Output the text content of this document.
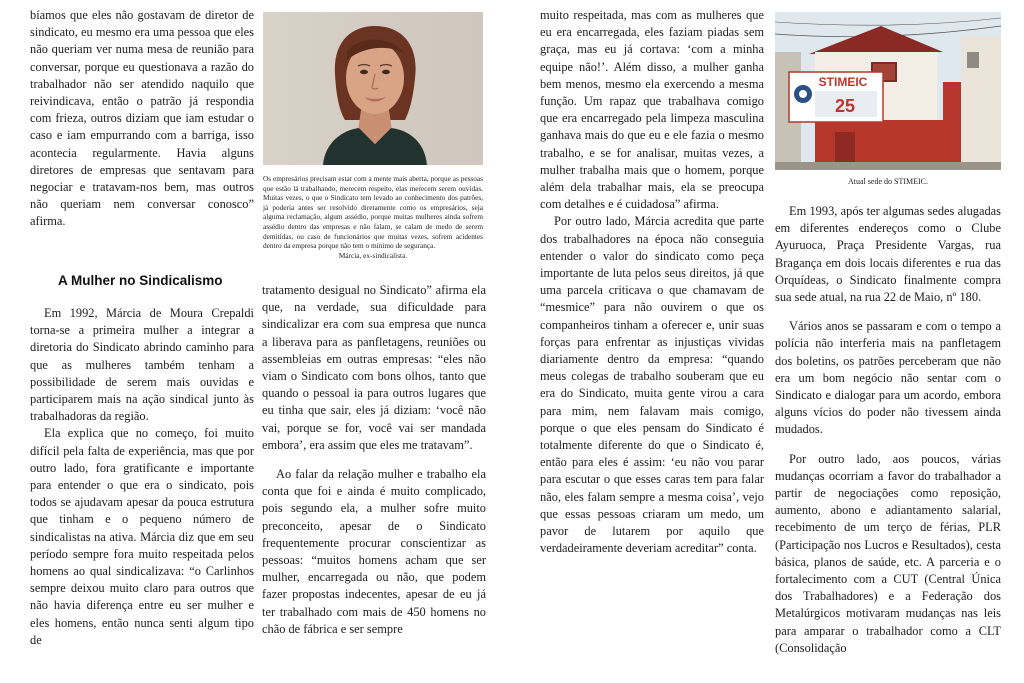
bíamos que eles não gostavam de diretor de sindicato, eu mesmo era uma pessoa que eles não queriam ver numa mesa de reunião para conversar, porque eu questionava a razão do trabalhador não ser atendido naquilo que reivindicava, então o patrão já respondia com frieza, outros diziam que iam estudar o caso e iam empurrando com a barriga, isso acontecia regularmente. Havia alguns diretores de empresas que sentavam para negociar e tratavam-nos bem, mas outros não queriam nem conversar conosco” afirma.

A Mulher no Sindicalismo

Em 1992, Márcia de Moura Crepaldi torna-se a primeira mulher a integrar a diretoria do Sindicato abrindo caminho para que as mulheres também tenham a possibilidade de serem mais ouvidas e participarem mais na ação sindical junto às trabalhadoras da região.

Ela explica que no começo, foi muito difícil pela falta de experiência, mas que por outro lado, fora gratificante e importante para entender o que era o sindicato, pois todos se ajudavam apesar da pouca estrutura que tinham e o pequeno número de sindicalistas na ativa. Márcia diz que em seu período sempre fora muito respeitada pelos homens ao qual sindicalizava: “o Carlinhos sempre deixou muito claro para outros que não havia diferença entre eu ser mulher e eles homens, então nunca senti algum tipo de

Os empresários precisam estar com a mente mais aberta, porque as pessoas que estão lá trabalhando, merecem respeito, elas merecem serem ouvidas. Muitas vezes, o que o Sindicato tem levado ao conhecimento dos patrões, já poderia antes ser resolvido diretamente como os empresários, seja alguma reclamação, algum assédio, porque muitas mulheres ainda sofrem assédio dentro das empresas e não falam, se calam de medo de serem demitidas, ou caso de funcionários que muitas vezes, sofrem acidentes dentro da empresa porque não tem o mínimo de segurança.
Márcia, ex-sindicalista.

tratamento desigual no Sindicato” afirma ela que, na verdade, sua dificuldade para sindicalizar era com sua empresa que nunca a liberava para as panfletagens, reuniões ou assembleias em outras empresas: “eles não viam o Sindicato com bons olhos, tanto que quando o pessoal ia para outros lugares que eu tinha que sair, eles já diziam: ‘você não vai, porque se for, você vai ser mandada embora’, era assim que eles me tratavam”.

Ao falar da relação mulher e trabalho ela conta que foi e ainda é muito complicado, pois segundo ela, a mulher sofre muito preconceito, apesar de o Sindicato frequentemente procurar conscientizar as pessoas: “muitos homens acham que ser mulher, encarregada ou não, que podem fazer propostas indecentes, apesar de eu já ter trabalhado com mais de 450 homens no chão de fábrica e ser sempre

muito respeitada, mas com as mulheres que eu era encarregada, eles faziam piadas sem graça, mas eu já cortava: ‘com a minha equipe não!’. Além disso, a mulher ganha bem menos, mesmo ela exercendo a mesma função. Um rapaz que trabalhava comigo que era encarregado pela limpeza masculina ganhava mais do que eu e ele fazia o mesmo trabalho, e se for analisar, muitas vezes, a mulher trabalha mais que o homem, porque além dela trabalhar mais, ela se preocupa com detalhes e é cuidadosa” afirma.

Por outro lado, Márcia acredita que parte dos trabalhadores na época não conseguia entender o valor do sindicato como peça importante de luta pelos seus direitos, já que uma parcela criticava o que chamavam de “mesmice” para não ouvirem o que os companheiros tinham a oferecer e, unir suas forças para enfrentar as injustiças vividas diariamente dentro da empresa: “quando meus colegas de trabalho souberam que eu era do Sindicato, muita gente virou a cara para mim, nem falavam mais comigo, porque o que eles pensam do Sindicato é totalmente diferente do que o Sindicato é, então para eles é assim: ‘eu não vou parar para escutar o que esses caras tem para falar não, eles falam sempre a mesma coisa’, vejo que essas pessoas criaram um medo, um pavor de lutarem por aquilo que verdadeiramente deveriam acreditar” conta.

STIMEIC
25
Atual sede do STIMEIC.

Em 1993, após ter algumas sedes alugadas em diferentes endereços como o Clube Ayuruoca, Praça Presidente Vargas, rua Bragança em dois locais diferentes e rua das Orquídeas, o Sindicato finalmente compra sua sede atual, na rua 22 de Maio, nº 180.

Vários anos se passaram e com o tempo a polícia não interferia mais na panfletagem dos boletins, os patrões perceberam que não era um bom negócio não sentar com o Sindicato e dialogar para um acordo, embora alguns vícios do poder não tivessem ainda mudados.

Por outro lado, aos poucos, várias mudanças ocorriam a favor do trabalhador a partir de negociações como reposição, aumento, abono e adiantamento salarial, recebimento de um terço de férias, PLR (Participação nos Lucros e Resultados), cesta básica, planos de saúde, etc. A parceria e o fortalecimento com a CUT (Central Única dos Trabalhadores) e a Federação dos Metalúrgicos motivaram mudanças nas leis para amparar o trabalhador como a CLT (Consolidação
